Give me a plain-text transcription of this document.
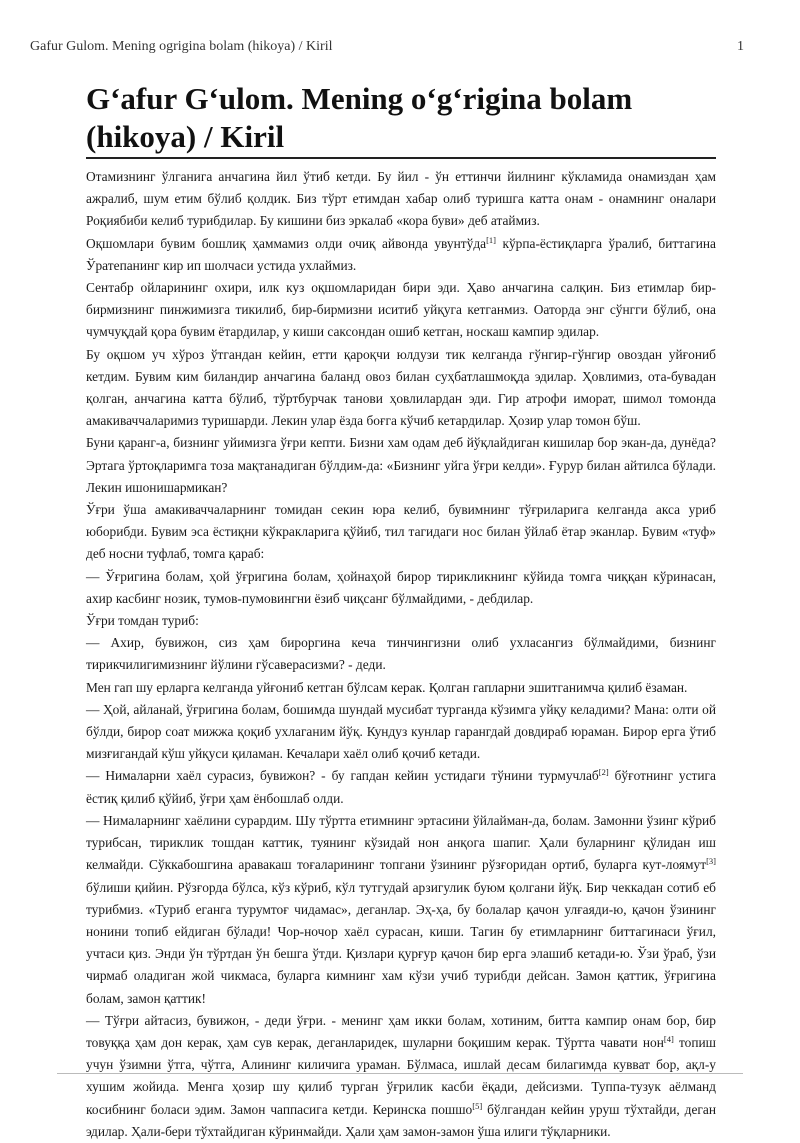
Gafur Gulom. Mening ogrigina bolam (hikoya) / Kiril	1
Gʻafur Gʻulom. Mening oʻgʻrigina bolam (hikoya) / Kiril

Отамизнинг ўлганига анчагина йил ўтиб кетди. Бу йил - ўн еттинчи йилнинг кўкламида онамиздан ҳам ажралиб, шум етим бўлиб қолдик. Биз тўрт етимдан хабар олиб туришга катта онам - онамнинг оналари Роқиябиби келиб турибдилар. Бу кишини биз эркалаб «кора буви» деб атаймиз.

Оқшомлари бувим бошлиқ ҳаммамиз олди очиқ айвонда увунтўда[1] кўрпа-ёстиқларга ўралиб, биттагина Ўратепанинг кир ип шолчаси устида ухлаймиз.

Сентабр ойларининг охири, илк куз оқшомларидан бири эди. Ҳаво анчагина салқин. Биз етимлар бир-бирмизнинг пинжимизга тикилиб, бир-бирмизни иситиб уйқуга кетганмиз. Оаторда энг сўнгги бўлиб, она чумчуқдай қора бувим ётардилар, у киши саксондан ошиб кетган, носкаш кампир эдилар.

Бу оқшом уч хўроз ўтгандан кейин, етти қароқчи юлдузи тик келганда гўнгир-гўнгир овоздан уйғониб кетдим. Бувим ким биландир анчагина баланд овоз билан суҳбатлашмоқда эдилар. Ҳовлимиз, ота-бувадан қолган, анчагина катта бўлиб, тўртбурчак танови ҳовлилардан эди. Гир атрофи иморат, шимол томонда амакиваччаларимиз туришарди. Лекин улар ёзда боғга кўчиб кетардилар. Ҳозир улар томон бўш.

Буни қаранг-а, бизнинг уйимизга ўғри кепти. Бизни хам одам деб йўқлайдиган кишилар бор экан-да, дунёда? Эртага ўртоқларимга тоза мақтанадиган бўлдим-да: «Бизнинг уйга ўғри келди». Ғурур билан айтилса бўлади. Лекин ишонишармикан?

Ўғри ўша амакиваччаларнинг томидан секин юра келиб, бувимнинг тўғриларига келганда акса уриб юборибди. Бувим эса ёстиқни кўкракларига қўйиб, тил тагидаги нос билан ўйлаб ётар эканлар. Бувим «туф» деб носни туфлаб, томга қараб:

— Ўғригина болам, ҳой ўғригина болам, ҳойнаҳой бирор тирикликнинг кўйида томга чиққан кўринасан, ахир касбинг нозик, тумов-пумовингни ёзиб чиқсанг бўлмайдими, - дебдилар.

Ўғри томдан туриб:

— Ахир, бувижон, сиз ҳам бироргина кеча тинчингизни олиб ухласангиз бўлмайдими, бизнинг тирикчилигимизнинг йўлини гўсаверасизми? - деди.

Мен гап шу ерларга келганда уйғониб кетган бўлсам керак. Қолган гапларни эшитганимча қилиб ёзаман.

— Ҳой, айланай, ўғригина болам, бошимда шундай мусибат турганда кўзимга уйқу келадими? Мана: олти ой бўлди, бирор соат мижжа қоқиб ухлаганим йўқ. Кундуз кунлар гарангдай довдираб юраман. Бирор ерга ўтиб мизғигандай кўш уйқуси қиламан. Кечалари хаёл олиб қочиб кетади.

— Нималарни хаёл сурасиз, бувижон? - бу гапдан кейин устидаги тўнини турмучлаб[2] бўғотнинг устига ёстиқ қилиб қўйиб, ўғри ҳам ёнбошлаб олди.

— Нималарнинг хаёлини сурардим. Шу тўртта етимнинг эртасини ўйлайман-да, болам. Замонни ўзинг кўриб турибсан, тириклик тошдан каттик, туянинг кўзидай нон анқога шапиг. Ҳали буларнинг қўлидан иш келмайди. Сўккабошгина аравакаш тоғаларининг топгани ўзининг рўзғоридан ортиб, буларга кут-лоямут[3] бўлиши қийин. Рўзғорда бўлса, кўз кўриб, кўл тутгудай арзигулик буюм қолгани йўқ. Бир чеккадан сотиб еб турибмиз. «Туриб еганга турумтоғ чидамас», деганлар. Эҳ-ҳа, бу болалар қачон улғаяди-ю, қачон ўзининг нонини топиб ейдиган бўлади! Чор-ночор хаёл сурасан, киши. Тагин бу етимларнинг биттагинаси ўғил, учтаси қиз. Энди ўн тўртдан ўн бешга ўтди. Қизлари қурғур қачон бир ерга элашиб кетади-ю. Ўзи ўраб, ўзи чирмаб оладиган жой чикмаса, буларга кимнинг хам кўзи учиб турибди дейсан. Замон қаттик, ўғригина болам, замон қаттик!

— Тўғри айтасиз, бувижон, - деди ўғри. - менинг ҳам икки болам, хотиним, битта кампир онам бор, бир товуққа ҳам дон керак, ҳам сув керак, деганларидек, шуларни боқишим керак. Тўртта чавати нон[4] топиш учун ўзимни ўтга, чўтга, Алининг киличига ураман. Бўлмаса, ишлай десам билагимда кувват бор, ақл-у хушим жойида. Менга ҳозир шу қилиб турган ўғрилик касби ёқади, дейсизми. Туппа-тузук аёлманд косибнинг боласи эдим. Замон чаппасига кетди. Керинска пошшо[5] бўлгандан кейин уруш тўхтайди, деган эдилар. Ҳали-бери тўхтайдиган кўринмайди. Ҳали ҳам замон-замон ўша илиги тўқларники.
